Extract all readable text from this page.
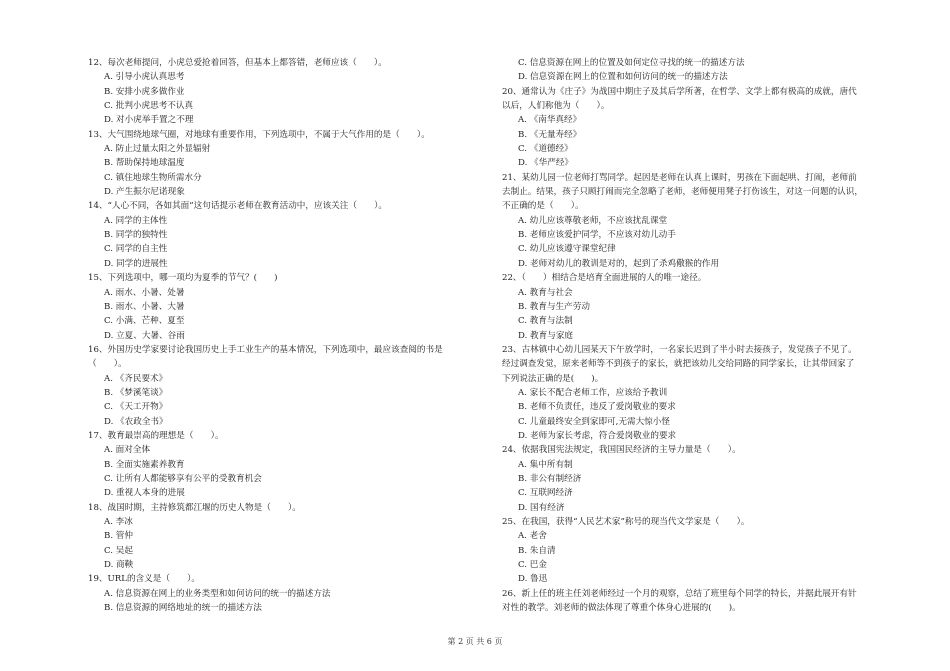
12、每次老师提问，小虎总爱抢着回答，但基本上都答错，老师应该（　　）。
A. 引导小虎认真思考
B. 安排小虎多做作业
C. 批判小虎思考不认真
D. 对小虎举手置之不理
13、大气围绕地球气圈，对地球有重要作用，下列选项中，不属于大气作用的是（　　）。
A. 防止过量太阳之外显辐射
B. 帮助保持地球温度
C. 镇住地球生物所需水分
D. 产生振尔尼诺现象
14、“人心不同，各如其面”这句话提示老师在教育活动中，应该关注（　　）。
A. 同学的主体性
B. 同学的独特性
C. 同学的自主性
D. 同学的进展性
15、下列选项中，哪一项均为夏季的节气？(　　)
A. 雨水、小暑、处暑
B. 雨水、小暑、大暑
C. 小满、芒种、夏至
D. 立夏、大暑、谷雨
16、外国历史学家要讨论我国历史上手工业生产的基本情况，下列选项中，最应该查阅的书是
（　　）。
A. 《齐民要术》
B. 《梦溪笔谈》
C. 《天工开物》
D. 《农政全书》
17、教育最崇高的理想是（　　）。
A. 面对全体
B. 全面实施素养教育
C. 让所有人都能够享有公平的受教育机会
D. 重视人本身的进展
18、战国时期，主持修筑都江堰的历史人物是（　　）。
A. 李冰
B. 管仲
C. 吴起
D. 商鞅
19、URL的含义是（　　）。
A. 信息资源在网上的业务类型和如何访问的统一的描述方法
B. 信息资源的网络地址的统一的描述方法
C. 信息资源在网上的位置及如何定位寻找的统一的描述方法
D. 信息资源在网上的位置和如何访问的统一的描述方法
20、通常认为《庄子》为战国中期庄子及其后学所著，在哲学、文学上都有极高的成就，唐代
以后，人们称他为（　　）。
A. 《南华真经》
B. 《无量寿经》
C. 《道德经》
D. 《华严经》
21、某幼儿园一位老师打骂同学。起因是老师在认真上课时，男孩在下面起哄、打闹，老师前
去制止。结果，孩子只顾打闹而完全忽略了老师，老师便用凳子打伤该生，对这一问题的认识，
不正确的是（　　）。
A. 幼儿应该尊敬老师，不应该扰乱课堂
B. 老师应该爱护同学，不应该对幼儿动手
C. 幼儿应该遵守课堂纪律
D. 老师对幼儿的教训是对的，起到了杀鸡儆猴的作用
22、（　　）相结合是培育全面进展的人的唯一途径。
A. 教育与社会
B. 教育与生产劳动
C. 教育与法制
D. 教育与家庭
23、古林镇中心幼儿园某天下午放学时，一名家长迟到了半小时去接孩子，发觉孩子不见了。
经过调查发觉，原来老师等不到孩子的家长，就把该幼儿交给同路的同学家长，让其带回家了
下列说法正确的是(　　)。
A. 家长不配合老师工作，应该给予教训
B. 老师不负责任，违反了爱岗敬业的要求
C. 儿童最终安全到家即可,无需大惊小怪
D. 老师为家长考虑，符合爱岗敬业的要求
24、依据我国宪法规定，我国国民经济的主导力量是（　　）。
A. 集中所有制
B. 非公有制经济
C. 互联网经济
D. 国有经济
25、在我国，获得“人民艺术家”称号的现当代文学家是（　　）。
A. 老舍
B. 朱自清
C. 巴金
D. 鲁迅
26、新上任的班主任刘老师经过一个月的观察，总结了班里每个同学的特长，并据此展开有针
对性的教学。刘老师的做法体现了尊重个体身心进展的(　　)。
第 2 页 共 6 页
